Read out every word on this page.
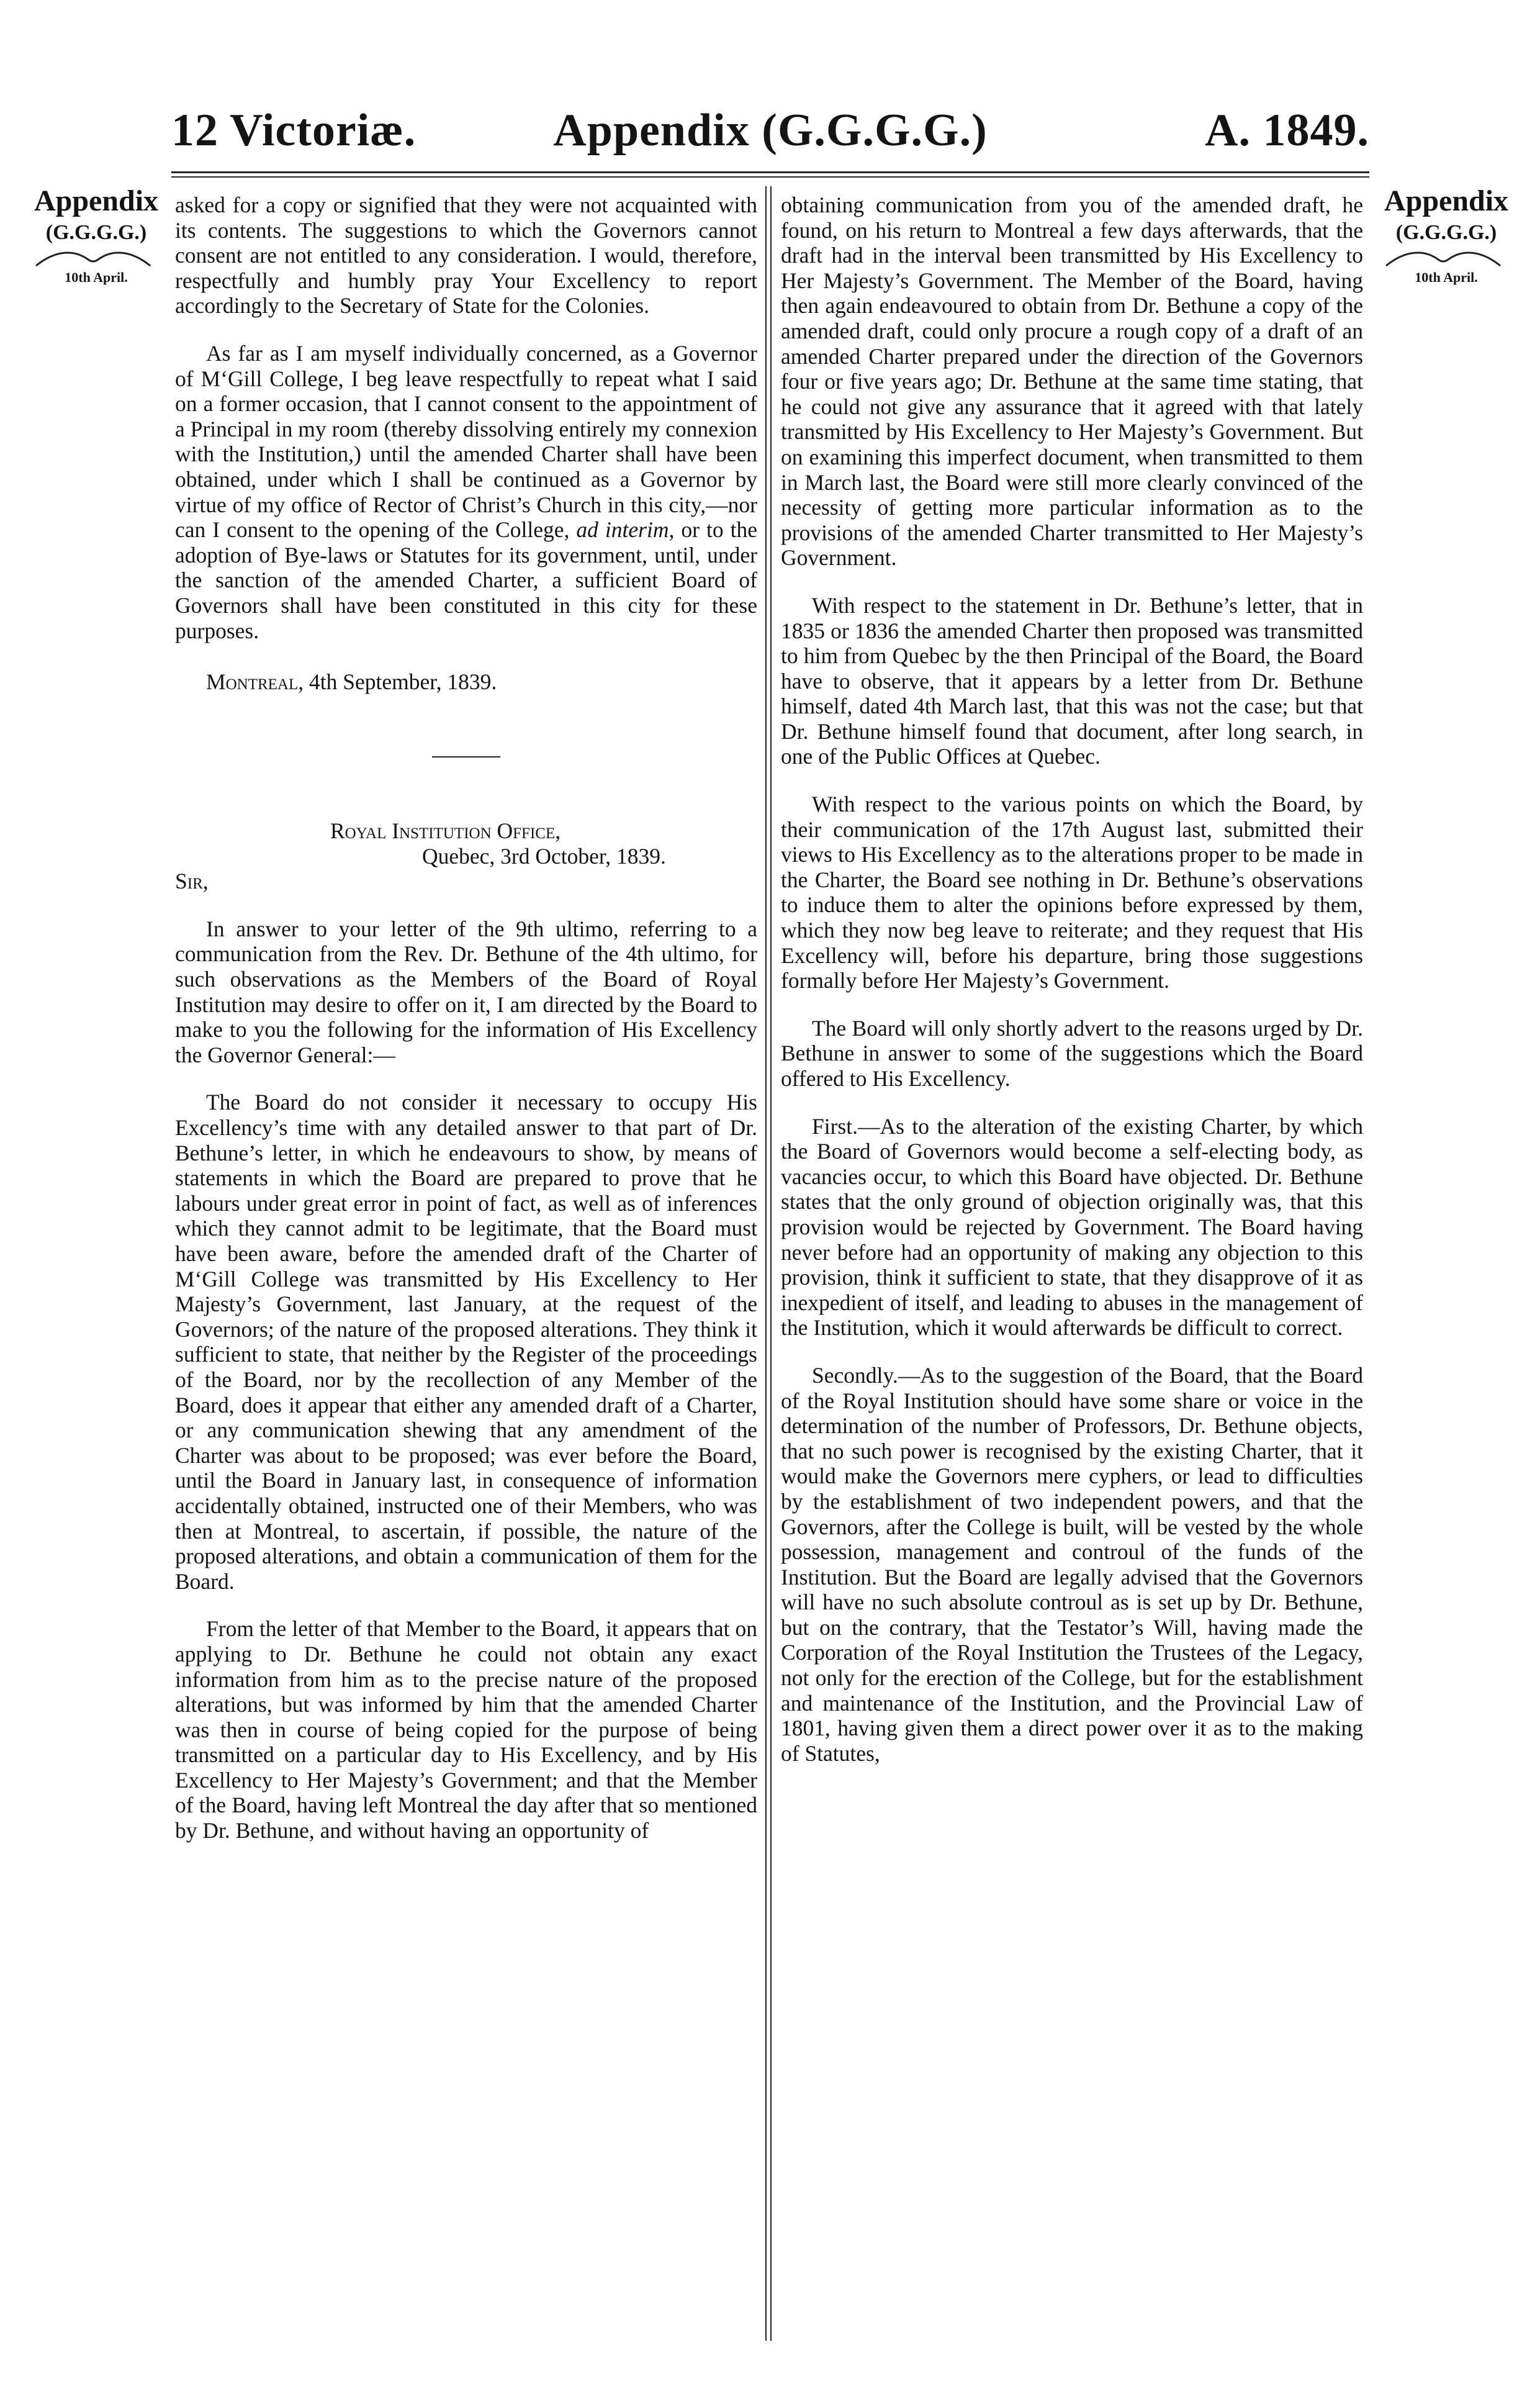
Appendix (G.G.G.G.)
12 Victoriæ.	A. 1849.
Appendix
(G.G.G.G.)
10th April.
Appendix
(G.G.G.G.)
10th April.

asked for a copy or signified that they were not acquainted with its contents. The suggestions to which the Governors cannot consent are not entitled to any consideration. I would, therefore, respectfully and humbly pray Your Excellency to report accordingly to the Secretary of State for the Colonies.

As far as I am myself individually concerned, as a Governor of M‘Gill College, I beg leave respectfully to repeat what I said on a former occasion, that I cannot consent to the appointment of a Principal in my room (thereby dissolving entirely my connexion with the Institution,) until the amended Charter shall have been obtained, under which I shall be continued as a Governor by virtue of my office of Rector of Christ’s Church in this city,—nor can I consent to the opening of the College, ad interim, or to the adoption of Bye-laws or Statutes for its government, until, under the sanction of the amended Charter, a sufficient Board of Governors shall have been constituted in this city for these purposes.

Montreal, 4th September, 1839.
Royal Institution Office,
Quebec, 3rd October, 1839.
Sir,

In answer to your letter of the 9th ultimo, referring to a communication from the Rev. Dr. Bethune of the 4th ultimo, for such observations as the Members of the Board of Royal Institution may desire to offer on it, I am directed by the Board to make to you the following for the information of His Excellency the Governor General:—

The Board do not consider it necessary to occupy His Excellency’s time with any detailed answer to that part of Dr. Bethune’s letter, in which he endeavours to show, by means of statements in which the Board are prepared to prove that he labours under great error in point of fact, as well as of inferences which they cannot admit to be legitimate, that the Board must have been aware, before the amended draft of the Charter of M‘Gill College was transmitted by His Excellency to Her Majesty’s Government, last January, at the request of the Governors; of the nature of the proposed alterations. They think it sufficient to state, that neither by the Register of the proceedings of the Board, nor by the recollection of any Member of the Board, does it appear that either any amended draft of a Charter, or any communication shewing that any amendment of the Charter was about to be proposed; was ever before the Board, until the Board in January last, in consequence of information accidentally obtained, instructed one of their Members, who was then at Montreal, to ascertain, if possible, the nature of the proposed alterations, and obtain a communication of them for the Board.

From the letter of that Member to the Board, it appears that on applying to Dr. Bethune he could not obtain any exact information from him as to the precise nature of the proposed alterations, but was informed by him that the amended Charter was then in course of being copied for the purpose of being transmitted on a particular day to His Excellency, and by His Excellency to Her Majesty’s Government; and that the Member of the Board, having left Montreal the day after that so mentioned by Dr. Bethune, and without having an opportunity of

obtaining communication from you of the amended draft, he found, on his return to Montreal a few days afterwards, that the draft had in the interval been transmitted by His Excellency to Her Majesty’s Government. The Member of the Board, having then again endeavoured to obtain from Dr. Bethune a copy of the amended draft, could only procure a rough copy of a draft of an amended Charter prepared under the direction of the Governors four or five years ago; Dr. Bethune at the same time stating, that he could not give any assurance that it agreed with that lately transmitted by His Excellency to Her Majesty’s Government. But on examining this imperfect document, when transmitted to them in March last, the Board were still more clearly convinced of the necessity of getting more particular information as to the provisions of the amended Charter transmitted to Her Majesty’s Government.

With respect to the statement in Dr. Bethune’s letter, that in 1835 or 1836 the amended Charter then proposed was transmitted to him from Quebec by the then Principal of the Board, the Board have to observe, that it appears by a letter from Dr. Bethune himself, dated 4th March last, that this was not the case; but that Dr. Bethune himself found that document, after long search, in one of the Public Offices at Quebec.

With respect to the various points on which the Board, by their communication of the 17th August last, submitted their views to His Excellency as to the alterations proper to be made in the Charter, the Board see nothing in Dr. Bethune’s observations to induce them to alter the opinions before expressed by them, which they now beg leave to reiterate; and they request that His Excellency will, before his departure, bring those suggestions formally before Her Majesty’s Government.

The Board will only shortly advert to the reasons urged by Dr. Bethune in answer to some of the suggestions which the Board offered to His Excellency.

First.—As to the alteration of the existing Charter, by which the Board of Governors would become a self-electing body, as vacancies occur, to which this Board have objected. Dr. Bethune states that the only ground of objection originally was, that this provision would be rejected by Government. The Board having never before had an opportunity of making any objection to this provision, think it sufficient to state, that they disapprove of it as inexpedient of itself, and leading to abuses in the management of the Institution, which it would afterwards be difficult to correct.

Secondly.—As to the suggestion of the Board, that the Board of the Royal Institution should have some share or voice in the determination of the number of Professors, Dr. Bethune objects, that no such power is recognised by the existing Charter, that it would make the Governors mere cyphers, or lead to difficulties by the establishment of two independent powers, and that the Governors, after the College is built, will be vested by the whole possession, management and controul of the funds of the Institution. But the Board are legally advised that the Governors will have no such absolute controul as is set up by Dr. Bethune, but on the contrary, that the Testator’s Will, having made the Corporation of the Royal Institution the Trustees of the Legacy, not only for the erection of the College, but for the establishment and maintenance of the Institution, and the Provincial Law of 1801, having given them a direct power over it as to the making of Statutes,
